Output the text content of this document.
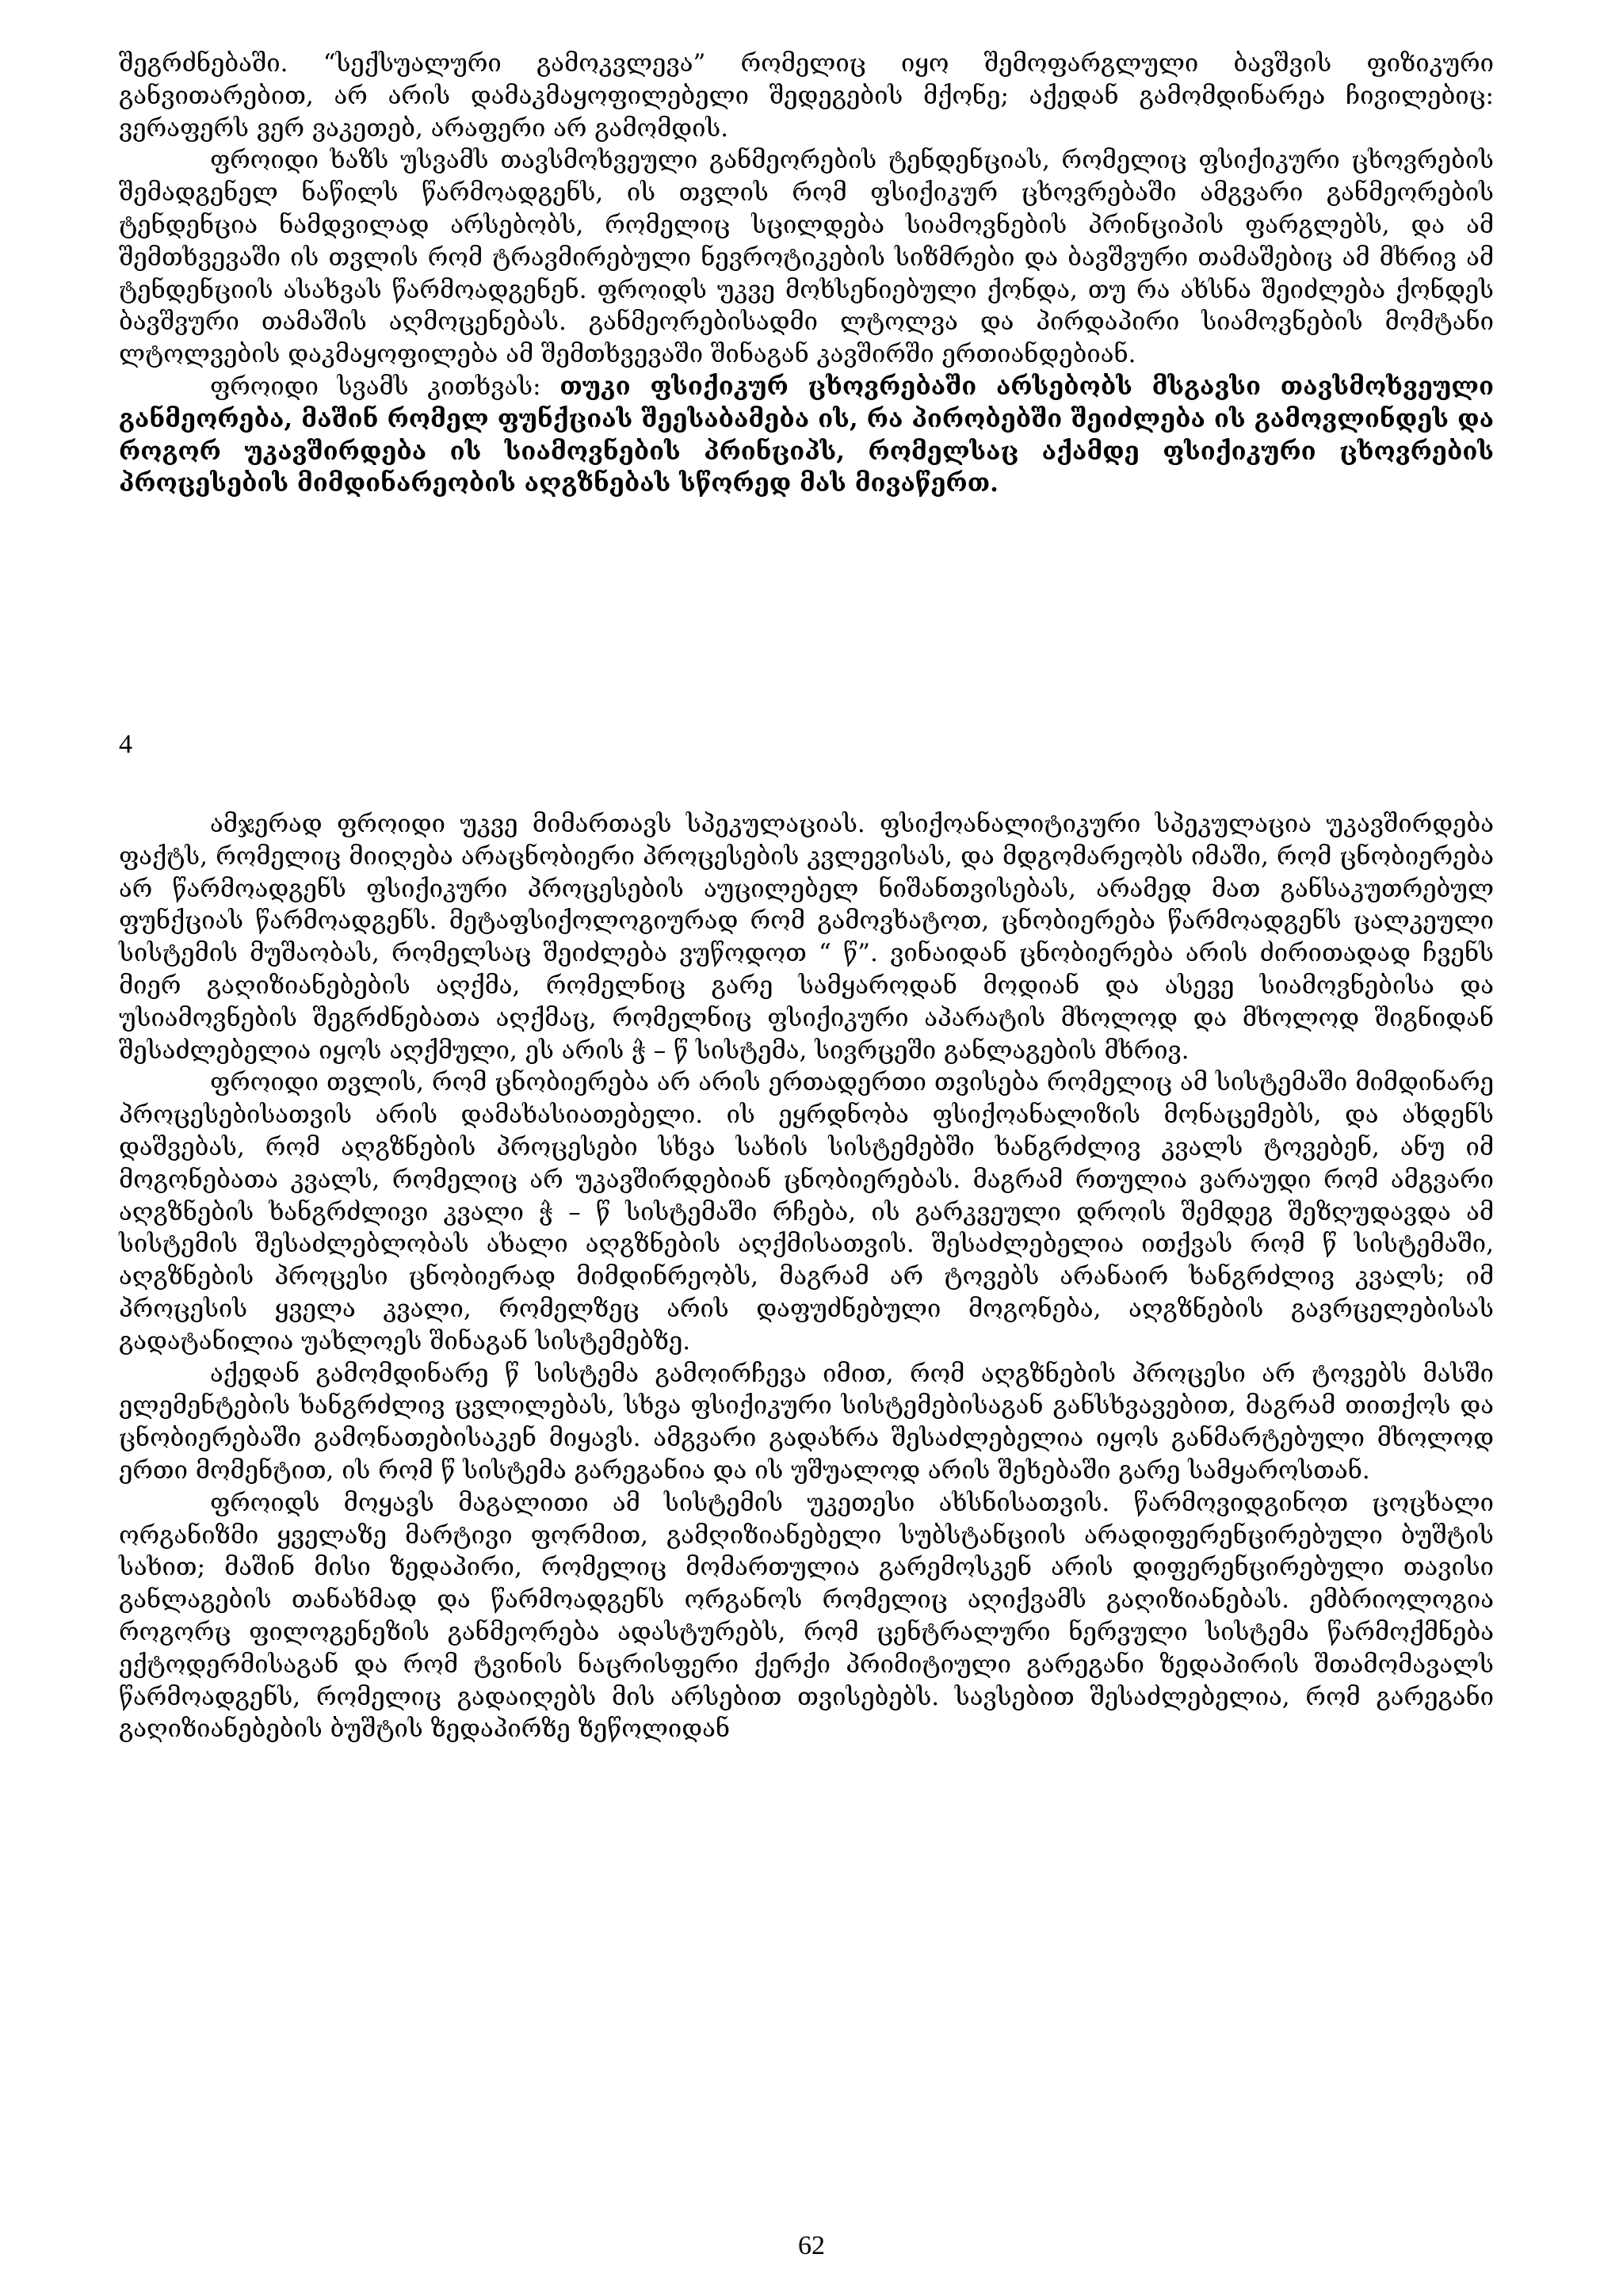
შეგრძნებაში. “სექსუალური გამოკვლევა” რომელიც იყო შემოფარგლული ბავშვის ფიზიკური განვითარებით, არ არის დამაკმაყოფილებელი შედეგების მქონე; აქედან გამომდინარეა ჩივილებიც: ვერაფერს ვერ ვაკეთებ, არაფერი არ გამომდის.

ფროიდი ხაზს უსვამს თავსმოხვეული განმეორების ტენდენციას, რომელიც ფსიქიკური ცხოვრების შემადგენელ ნაწილს წარმოადგენს, ის თვლის რომ ფსიქიკურ ცხოვრებაში ამგვარი განმეორების ტენდენცია ნამდვილად არსებობს, რომელიც სცილდება სიამოვნების პრინციპის ფარგლებს, და ამ შემთხვევაში ის თვლის რომ ტრავმირებული ნევროტიკების სიზმრები და ბავშვური თამაშებიც ამ მხრივ ამ ტენდენციის ასახვას წარმოადგენენ. ფროიდს უკვე მოხსენიებული ქონდა, თუ რა ახსნა შეიძლება ქონდეს ბავშვური თამაშის აღმოცენებას. განმეორებისადმი ლტოლვა და პირდაპირი სიამოვნების მომტანი ლტოლვების დაკმაყოფილება ამ შემთხვევაში შინაგან კავშირში ერთიანდებიან.

ფროიდი სვამს კითხვას: თუკი ფსიქიკურ ცხოვრებაში არსებობს მსგავსი თავსმოხვეული განმეორება, მაშინ რომელ ფუნქციას შეესაბამება ის, რა პირობებში შეიძლება ის გამოვლინდეს და როგორ უკავშირდება ის სიამოვნების პრინციპს, რომელსაც აქამდე ფსიქიკური ცხოვრების პროცესების მიმდინარეობის აღგზნებას სწორედ მას მივაწერთ.

4

ამჯერად ფროიდი უკვე მიმართავს სპეკულაციას. ფსიქოანალიტიკური სპეკულაცია უკავშირდება ფაქტს, რომელიც მიიღება არაცნობიერი პროცესების კვლევისას, და მდგომარეობს იმაში, რომ ცნობიერება არ წარმოადგენს ფსიქიკური პროცესების აუცილებელ ნიშანთვისებას, არამედ მათ განსაკუთრებულ ფუნქციას წარმოადგენს. მეტაფსიქოლოგიურად რომ გამოვხატოთ, ცნობიერება წარმოადგენს ცალკეული სისტემის მუშაობას, რომელსაც შეიძლება ვუწოდოთ “ წ”. ვინაიდან ცნობიერება არის ძირითადად ჩვენს მიერ გაღიზიანებების აღქმა, რომელნიც გარე სამყაროდან მოდიან და ასევე სიამოვნებისა და უსიამოვნების შეგრძნებათა აღქმაც, რომელნიც ფსიქიკური აპარატის მხოლოდ და მხოლოდ შიგნიდან შესაძლებელია იყოს აღქმული, ეს არის ჭ – წ სისტემა, სივრცეში განლაგების მხრივ.

ფროიდი თვლის, რომ ცნობიერება არ არის ერთადერთი თვისება რომელიც ამ სისტემაში მიმდინარე პროცესებისათვის არის დამახასიათებელი. ის ეყრდნობა ფსიქოანალიზის მონაცემებს, და ახდენს დაშვებას, რომ აღგზნების პროცესები სხვა სახის სისტემებში ხანგრძლივ კვალს ტოვებენ, ანუ იმ მოგონებათა კვალს, რომელიც არ უკავშირდებიან ცნობიერებას. მაგრამ რთულია ვარაუდი რომ ამგვარი აღგზნების ხანგრძლივი კვალი ჭ – წ სისტემაში რჩება, ის გარკვეული დროის შემდეგ შეზღუდავდა ამ სისტემის შესაძლებლობას ახალი აღგზნების აღქმისათვის. შესაძლებელია ითქვას რომ წ სისტემაში, აღგზნების პროცესი ცნობიერად მიმდინრეობს, მაგრამ არ ტოვებს არანაირ ხანგრძლივ კვალს; იმ პროცესის ყველა კვალი, რომელზეც არის დაფუძნებული მოგონება, აღგზნების გავრცელებისას გადატანილია უახლოეს შინაგან სისტემებზე.

აქედან გამომდინარე წ სისტემა გამოირჩევა იმით, რომ აღგზნების პროცესი არ ტოვებს მასში ელემენტების ხანგრძლივ ცვლილებას, სხვა ფსიქიკური სისტემებისაგან განსხვავებით, მაგრამ თითქოს და ცნობიერებაში გამონათებისაკენ მიყავს. ამგვარი გადახრა შესაძლებელია იყოს განმარტებული მხოლოდ ერთი მომენტით, ის რომ წ სისტემა გარეგანია და ის უშუალოდ არის შეხებაში გარე სამყაროსთან.

ფროიდს მოყავს მაგალითი ამ სისტემის უკეთესი ახსნისათვის. წარმოვიდგინოთ ცოცხალი ორგანიზმი ყველაზე მარტივი ფორმით, გამღიზიანებელი სუბსტანციის არადიფერენცირებული ბუშტის სახით; მაშინ მისი ზედაპირი, რომელიც მომართულია გარემოსკენ არის დიფერენცირებული თავისი განლაგების თანახმად და წარმოადგენს ორგანოს რომელიც აღიქვამს გაღიზიანებას. ემბრიოლოგია როგორც ფილოგენეზის განმეორება ადასტურებს, რომ ცენტრალური ნერვული სისტემა წარმოქმნება ექტოდერმისაგან და რომ ტვინის ნაცრისფერი ქერქი პრიმიტიული გარეგანი ზედაპირის შთამომავალს წარმოადგენს, რომელიც გადაიღებს მის არსებით თვისებებს. სავსებით შესაძლებელია, რომ გარეგანი გაღიზიანებების ბუშტის ზედაპირზე ზეწოლიდან

62
